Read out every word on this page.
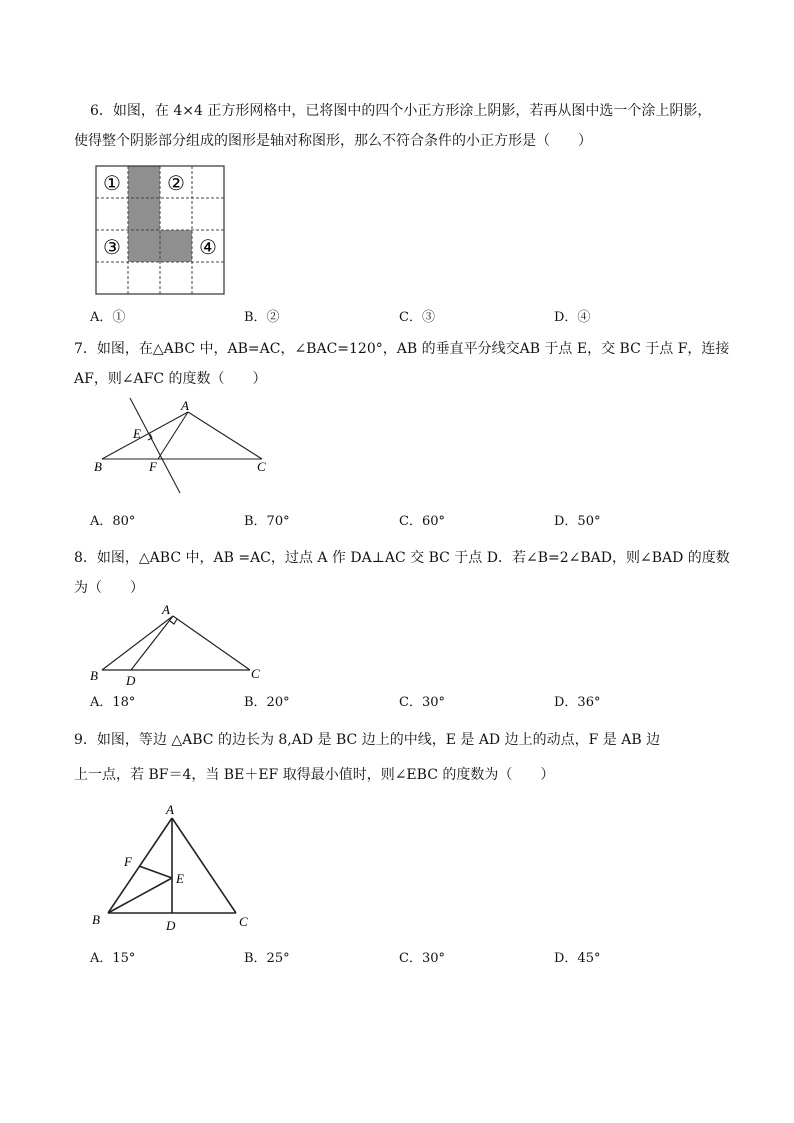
6．如图，在 4×4 正方形网格中，已将图中的四个小正方形涂上阴影，若再从图中选一个涂上阴影，
使得整个阴影部分组成的图形是轴对称图形，那么不符合条件的小正方形是（　　）
① ②
③	④
A．①	B．②	C．③	D．④
7．如图，在△ABC 中，AB=AC，∠BAC=120°，AB 的垂直平分线交AB 于点 E，交 BC 于点 F，连接
AF，则∠AFC 的度数（　　）
A
B	C
E
F
A．80°	B．70°	C．60°	D．50°
8．如图，△ABC 中，AB =AC，过点 A 作 DA⊥AC 交 BC 于点 D．若∠B=2∠BAD，则∠BAD 的度数
为（　　）
A
B	C
D
A．18°	B．20°	C．30°	D．36°
9．如图，等边 △ABC 的边长为 8,AD 是 BC 边上的中线，E 是 AD 边上的动点，F 是 AB 边
上一点，若 BF＝4，当 BE＋EF 取得最小值时，则∠EBC 的度数为（　　）
A
B	C
D
E
F
A．15°	B．25°	C．30°	D．45°
